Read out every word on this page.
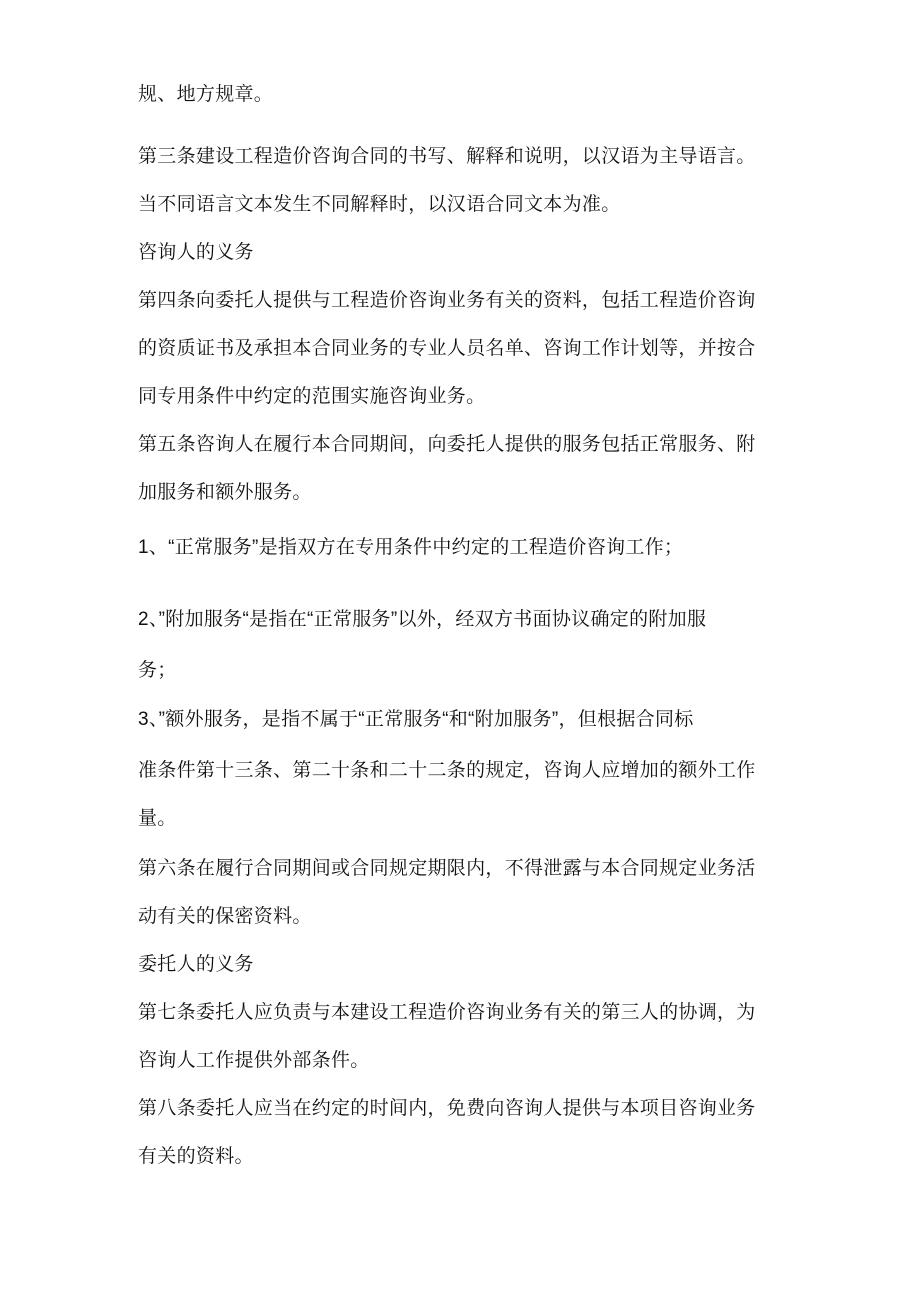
规、地方规章。
第三条建设工程造价咨询合同的书写、解释和说明，以汉语为主导语言。
当不同语言文本发生不同解释时，以汉语合同文本为准。
咨询人的义务
第四条向委托人提供与工程造价咨询业务有关的资料，包括工程造价咨询
的资质证书及承担本合同业务的专业人员名单、咨询工作计划等，并按合
同专用条件中约定的范围实施咨询业务。
第五条咨询人在履行本合同期间，向委托人提供的服务包括正常服务、附
加服务和额外服务。
1、“正常服务”是指双方在专用条件中约定的工程造价咨询工作；
2、”附加服务“是指在“正常服务”以外，经双方书面协议确定的附加服
务；
3、”额外服务，是指不属于“正常服务“和“附加服务”，但根据合同标
准条件第十三条、第二十条和二十二条的规定，咨询人应增加的额外工作
量。
第六条在履行合同期间或合同规定期限内，不得泄露与本合同规定业务活
动有关的保密资料。
委托人的义务
第七条委托人应负责与本建设工程造价咨询业务有关的第三人的协调，为
咨询人工作提供外部条件。
第八条委托人应当在约定的时间内，免费向咨询人提供与本项目咨询业务
有关的资料。
